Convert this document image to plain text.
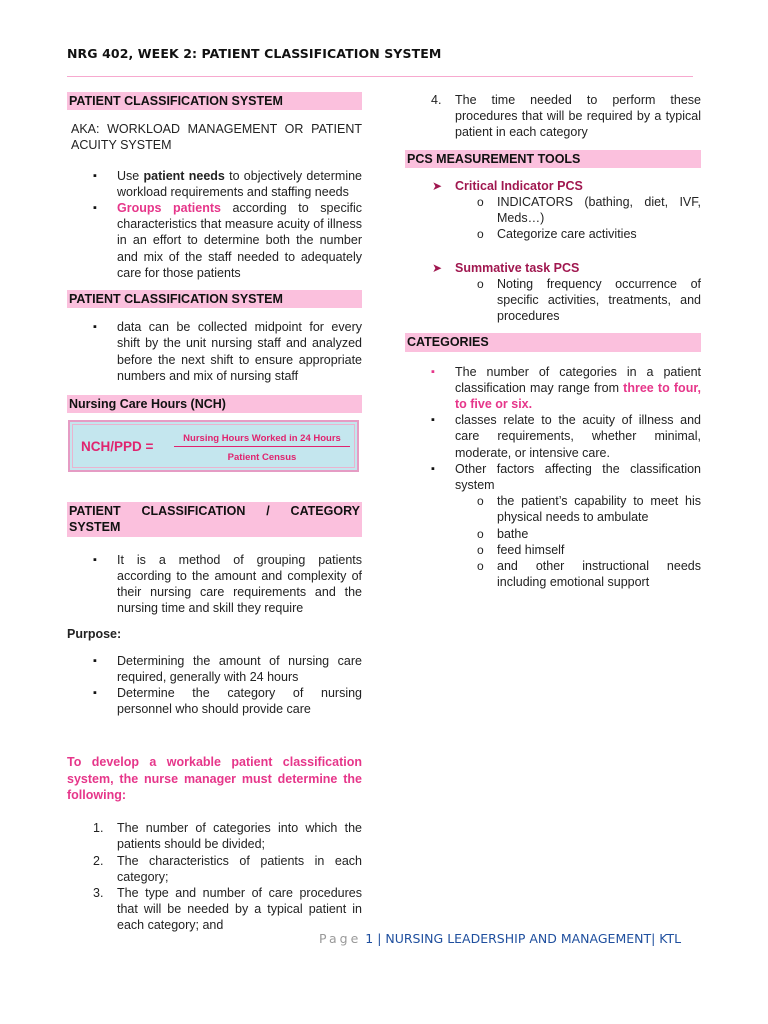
NRG 402, WEEK 2: PATIENT CLASSIFICATION SYSTEM
PATIENT CLASSIFICATION SYSTEM
AKA: WORKLOAD MANAGEMENT OR PATIENT ACUITY SYSTEM
▪ Use patient needs to objectively determine workload requirements and staffing needs
▪ Groups patients according to specific characteristics that measure acuity of illness in an effort to determine both the number and mix of the staff needed to adequately care for those patients
PATIENT CLASSIFICATION SYSTEM
▪ data can be collected midpoint for every shift by the unit nursing staff and analyzed before the next shift to ensure appropriate numbers and mix of nursing staff
Nursing Care Hours (NCH)
NCH/PPD =
Nursing Hours Worked in 24 Hours
Patient Census
PATIENT CLASSIFICATION / CATEGORY SYSTEM
▪ It is a method of grouping patients according to the amount and complexity of their nursing care requirements and the nursing time and skill they require
Purpose:
▪ Determining the amount of nursing care required, generally with 24 hours
▪ Determine the category of nursing personnel who should provide care
To develop a workable patient classification system, the nurse manager must determine the following:
1. The number of categories into which the patients should be divided;
2. The characteristics of patients in each category;
3. The type and number of care procedures that will be needed by a typical patient in each category; and
4. The time needed to perform these procedures that will be required by a typical patient in each category
PCS MEASUREMENT TOOLS
➤ Critical Indicator PCS
o INDICATORS (bathing, diet, IVF, Meds…)
o Categorize care activities
➤ Summative task PCS
o Noting frequency occurrence of specific activities, treatments, and procedures
CATEGORIES
▪ The number of categories in a patient classification may range from three to four, to five or six.
▪ classes relate to the acuity of illness and care requirements, whether minimal, moderate, or intensive care.
▪ Other factors affecting the classification system
o the patient’s capability to meet his physical needs to ambulate
o bathe
o feed himself
o and other instructional needs including emotional support
Page 1 | NURSING LEADERSHIP AND MANAGEMENT| KTL
